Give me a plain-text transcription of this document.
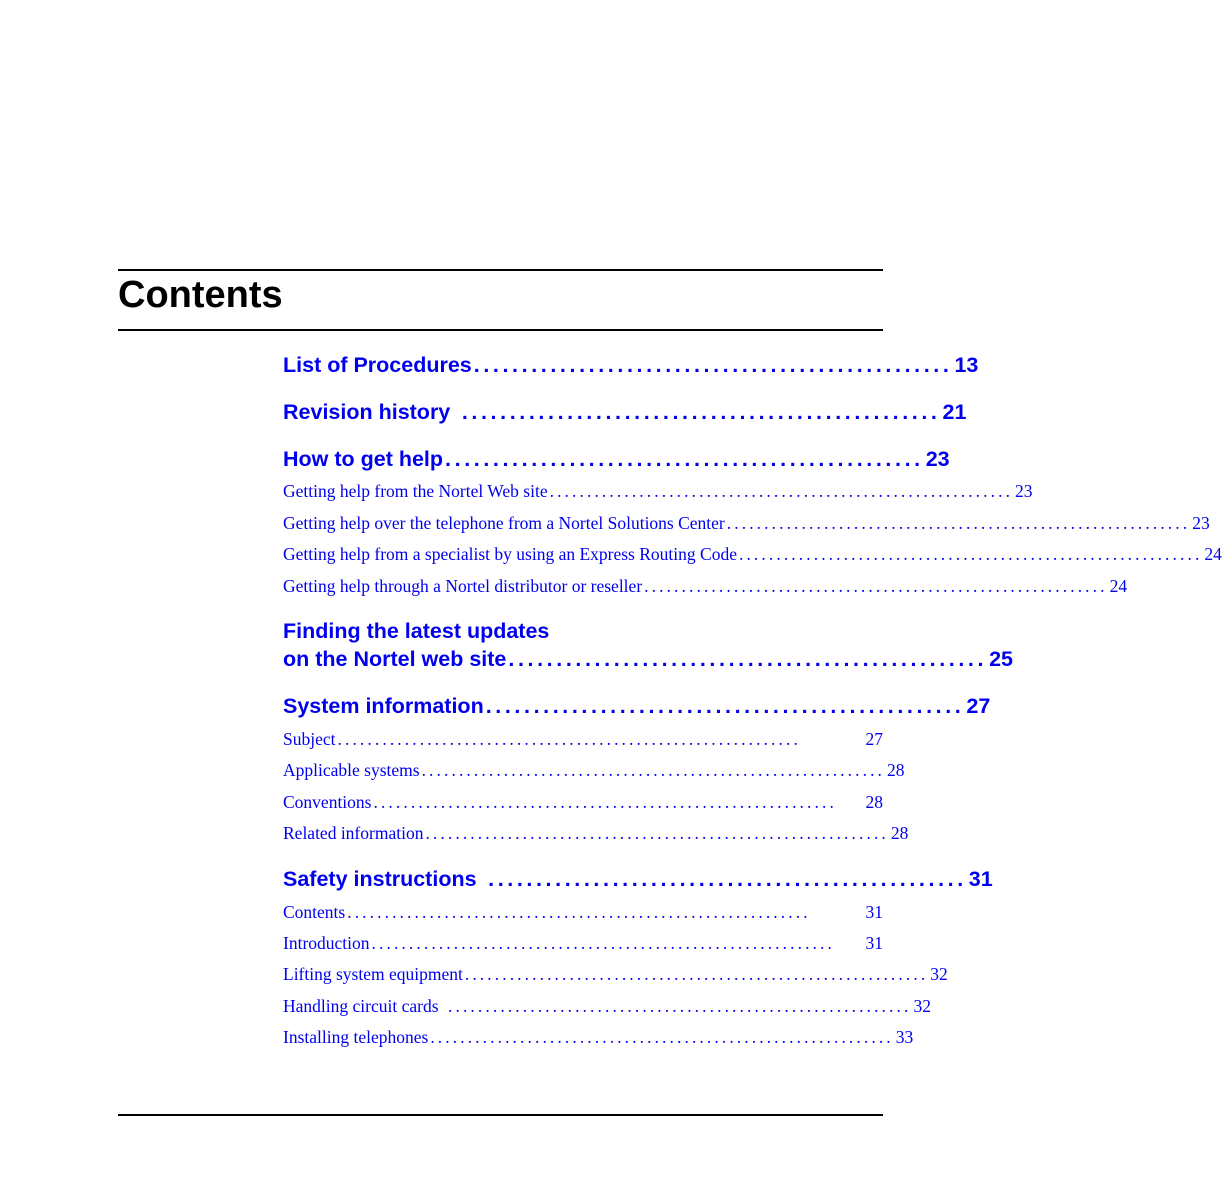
Contents
List of Procedures .................................................. 13
Revision history .................................................. 21
How to get help .................................................. 23
Getting help from the Nortel Web site .............................................................. 23
Getting help over the telephone from a Nortel Solutions Center .............................................................. 23
Getting help from a specialist by using an Express Routing Code .............................................................. 24
Getting help through a Nortel distributor or reseller .............................................................. 24
Finding the latest updates
on the Nortel web site .................................................. 25
System information .................................................. 27
Subject ..............................................................	27
Applicable systems .............................................................. 28
Conventions ..............................................................	28
Related information .............................................................. 28
Safety instructions .................................................. 31
Contents ..............................................................	31
Introduction ..............................................................	31
Lifting system equipment .............................................................. 32
Handling circuit cards .............................................................. 32
Installing telephones .............................................................. 33
